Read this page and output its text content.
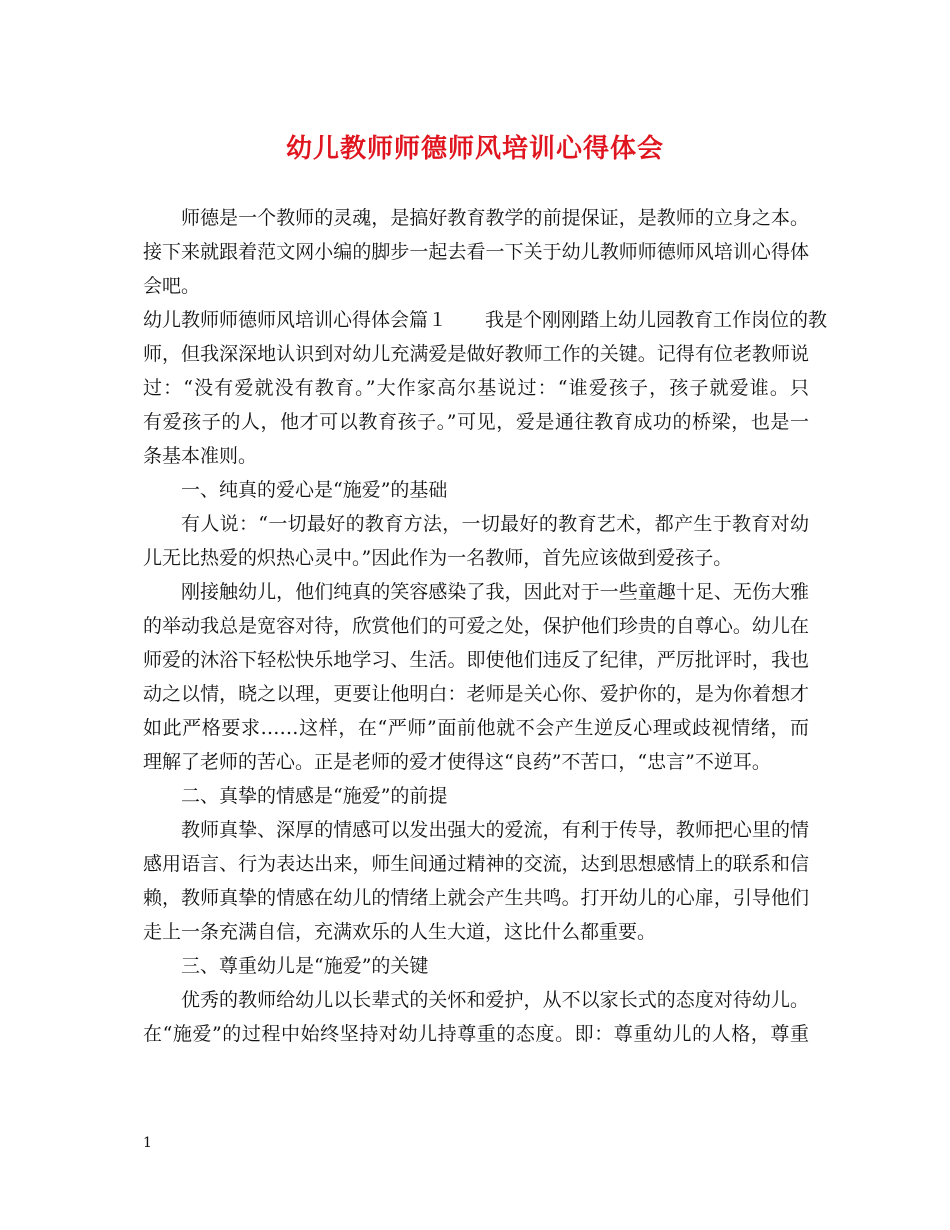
幼儿教师师德师风培训心得体会
师德是一个教师的灵魂，是搞好教育教学的前提保证，是教师的立身之本。
接下来就跟着范文网小编的脚步一起去看一下关于幼儿教师师德师风培训心得体
会吧。
幼儿教师师德师风培训心得体会篇１　　我是个刚刚踏上幼儿园教育工作岗位的教
师，但我深深地认识到对幼儿充满爱是做好教师工作的关键。记得有位老教师说
过：“没有爱就没有教育。”大作家高尔基说过：“谁爱孩子，孩子就爱谁。只
有爱孩子的人，他才可以教育孩子。”可见，爱是通往教育成功的桥梁，也是一
条基本准则。
一、纯真的爱心是“施爱”的基础
有人说：“一切最好的教育方法，一切最好的教育艺术，都产生于教育对幼
儿无比热爱的炽热心灵中。”因此作为一名教师，首先应该做到爱孩子。
刚接触幼儿，他们纯真的笑容感染了我，因此对于一些童趣十足、无伤大雅
的举动我总是宽容对待，欣赏他们的可爱之处，保护他们珍贵的自尊心。幼儿在
师爱的沐浴下轻松快乐地学习、生活。即使他们违反了纪律，严厉批评时，我也
动之以情，晓之以理，更要让他明白：老师是关心你、爱护你的，是为你着想才
如此严格要求……这样，在“严师”面前他就不会产生逆反心理或歧视情绪，而
理解了老师的苦心。正是老师的爱才使得这“良药”不苦口，“忠言”不逆耳。
二、真挚的情感是“施爱”的前提
教师真挚、深厚的情感可以发出强大的爱流，有利于传导，教师把心里的情
感用语言、行为表达出来，师生间通过精神的交流，达到思想感情上的联系和信
赖，教师真挚的情感在幼儿的情绪上就会产生共鸣。打开幼儿的心扉，引导他们
走上一条充满自信，充满欢乐的人生大道，这比什么都重要。
三、尊重幼儿是“施爱”的关键
优秀的教师给幼儿以长辈式的关怀和爱护，从不以家长式的态度对待幼儿。
在“施爱”的过程中始终坚持对幼儿持尊重的态度。即：尊重幼儿的人格，尊重
1
